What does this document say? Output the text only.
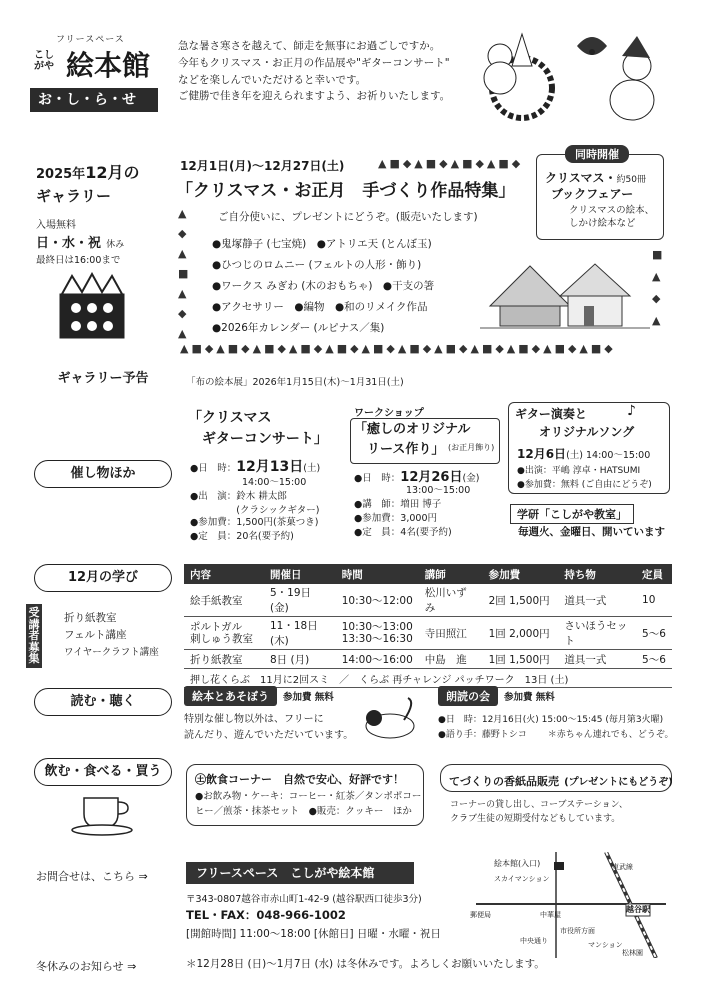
フリースペース
こし
がや 絵本館
お・し・ら・せ
急な暑さ寒さを越えて、師走を無事にお過ごしですか。
今年もクリスマス・お正月の作品展や"ギターコンサート"
などを楽しんでいただけると幸いです。
ご健勝で佳き年を迎えられますよう、お祈りいたします。
2025年12月の
ギャラリー
入場無料
日・水・祝 休み
最終日は16:00まで
12月1日(月)～12月27日(土)	▲■◆▲■◆▲■◆▲■◆
「クリスマス・お正月　手づくり作品特集」
ご自分使いに、プレゼントにどうぞ。(販売いたします)
●鬼塚静子 (七宝焼)　●アトリエ天 (とんぼ玉)
●ひつじのロムニー (フェルトの人形・飾り)
●ワークス みぎわ (木のおもちゃ)　●干支の箸
●アクセサリー　●編物　●和のリメイク作品
●2026年カレンダー (ルピナス／集)
▲ ◆ ▲ ■ ▲ ◆ ▲
■ ▲ ◆ ▲
▲■◆▲■◆▲■◆▲■◆▲■◆▲■◆▲■◆▲■◆▲■◆▲■◆▲■◆▲■◆
同時開催
クリスマス・約50冊
ブックフェアー
クリスマスの絵本、
しかけ絵本など
ギャラリー予告	「布の絵本展」2026年1月15日(木)～1月31日(土)
催し物ほか
「クリスマス
　ギターコンサート」
●日　時：12月13日(土)
14:00～15:00
●出　演： 鈴木 耕太郎
(クラシックギター)
●参加費：1,500円(茶菓つき)
●定　員：20名(要予約)
ワークショップ
「癒しのオリジナル
　リース作り」 (お正月飾り)
●日　時：12月26日(金)
13:00～15:00
●講　師：増田 博子
●参加費：3,000円
●定　員：4名(要予約)
ギター演奏と
　　オリジナルソング
♪
12月6日(土) 14:00～15:00
●出演：平嶋 淳卓・HATSUMI
●参加費：無料 (ご自由にどうぞ)
学研「こしがや教室」
毎週火、金曜日、開いています
12月の学び
受講者募集
折り紙教室
フェルト講座
ワイヤークラフト講座
内容	開催日	時間	講師	参加費	持ち物	定員
絵手紙教室	5・19日 (金)	10:30～12:00	松川いずみ	2回 1,500円	道具一式	10
ポルトガル
刺しゅう教室	11・18日 (木)	10:30～13:00
13:30～16:30	寺田照江	1回 2,000円	さいほうセット	5～6
折り紙教室	8日 (月)	14:00～16:00	中島　進	1回 1,500円	道具一式	5～6
押し花くらぶ　11月に2回スミ　／　くらぶ 再チャレンジ パッチワーク　13日 (土)						
読む・聴く	絵本とあそぼう	参加費 無料
特別な催し物以外は、フリーに
読んだり、遊んでいただいています。
朗読の会	参加費 無料
●日　時：12月16日(火) 15:00～15:45 (毎月第3火曜)
●語り手：藤野トシコ ＊赤ちゃん連れでも、どうぞ。
飲む・食べる・買う
㊏飲食コーナー　自然で安心、好評です！
●お飲み物・ケーキ：コーヒー・紅茶／タンポポコー
ヒー／煎茶・抹茶セット　●販売：クッキー　ほか
てづくりの香紙品販売 (プレゼントにもどうぞ)
コーナーの貸し出し、コーブステーション、
クラブ生徒の短期受付などもしています。
お問合せは、こちら ⇒	フリースペース　こしがや絵本館
〒343-0807越谷市赤山町1-42-9 (越谷駅西口徒歩3分)
TEL・FAX：048-966-1002
[開館時間] 11:00～18:00 [休館日] 日曜・水曜・祝日
絵本館(入口)
スカイマンション
東武線
越谷駅
郵便局	中華屋
マンション
松林園
中央通り
市役所方面
冬休みのお知らせ ⇒	＊12月28日 (日)～1月7日 (水) は冬休みです。よろしくお願いいたします。
